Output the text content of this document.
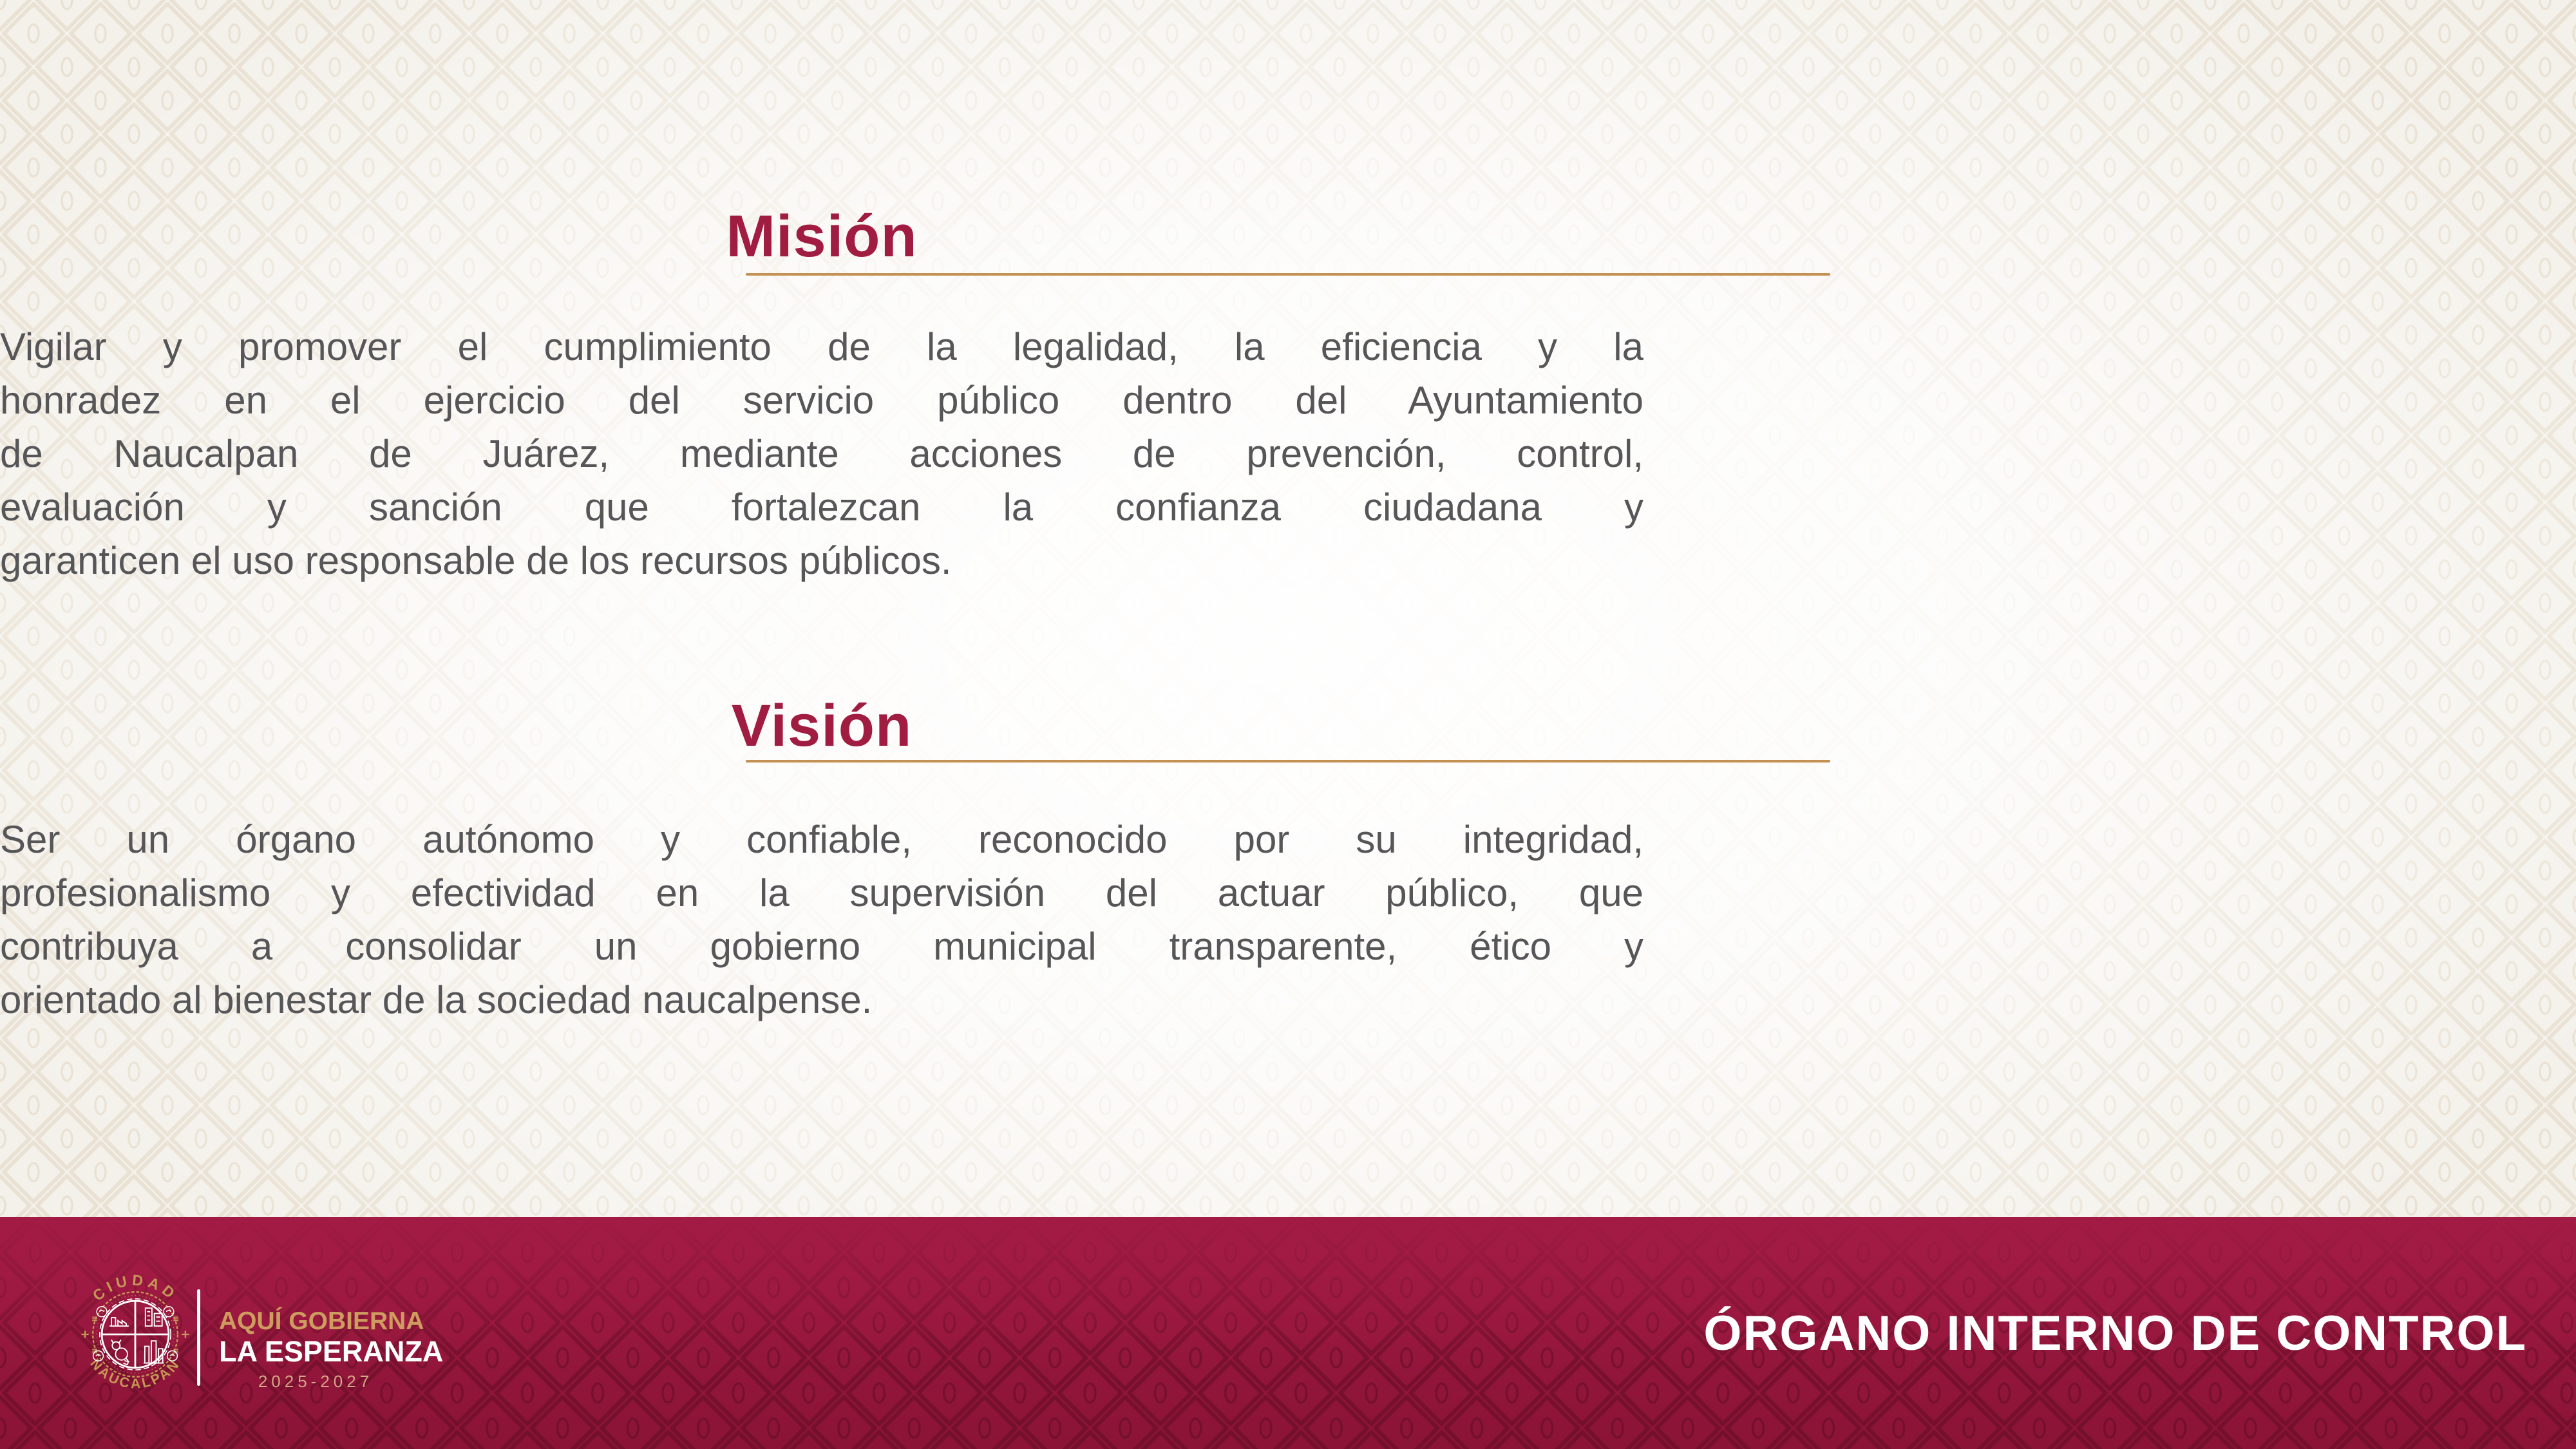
Misión
Vigilar y promover el cumplimiento de la legalidad, la eficiencia y la
honradez en el ejercicio del servicio público dentro del Ayuntamiento
de Naucalpan de Juárez, mediante acciones de prevención, control,
evaluación y sanción que fortalezcan la confianza ciudadana y
garanticen el uso responsable de los recursos públicos.
Visión
Ser un órgano autónomo y confiable, reconocido por su integridad,
profesionalismo y efectividad en la supervisión del actuar público, que
contribuya a consolidar un gobierno municipal transparente, ético y
orientado al bienestar de la sociedad naucalpense.
CIUDAD
NAUCALPAN
AQUÍ GOBIERNA
LA ESPERANZA
2025-2027
ÓRGANO INTERNO DE CONTROL
